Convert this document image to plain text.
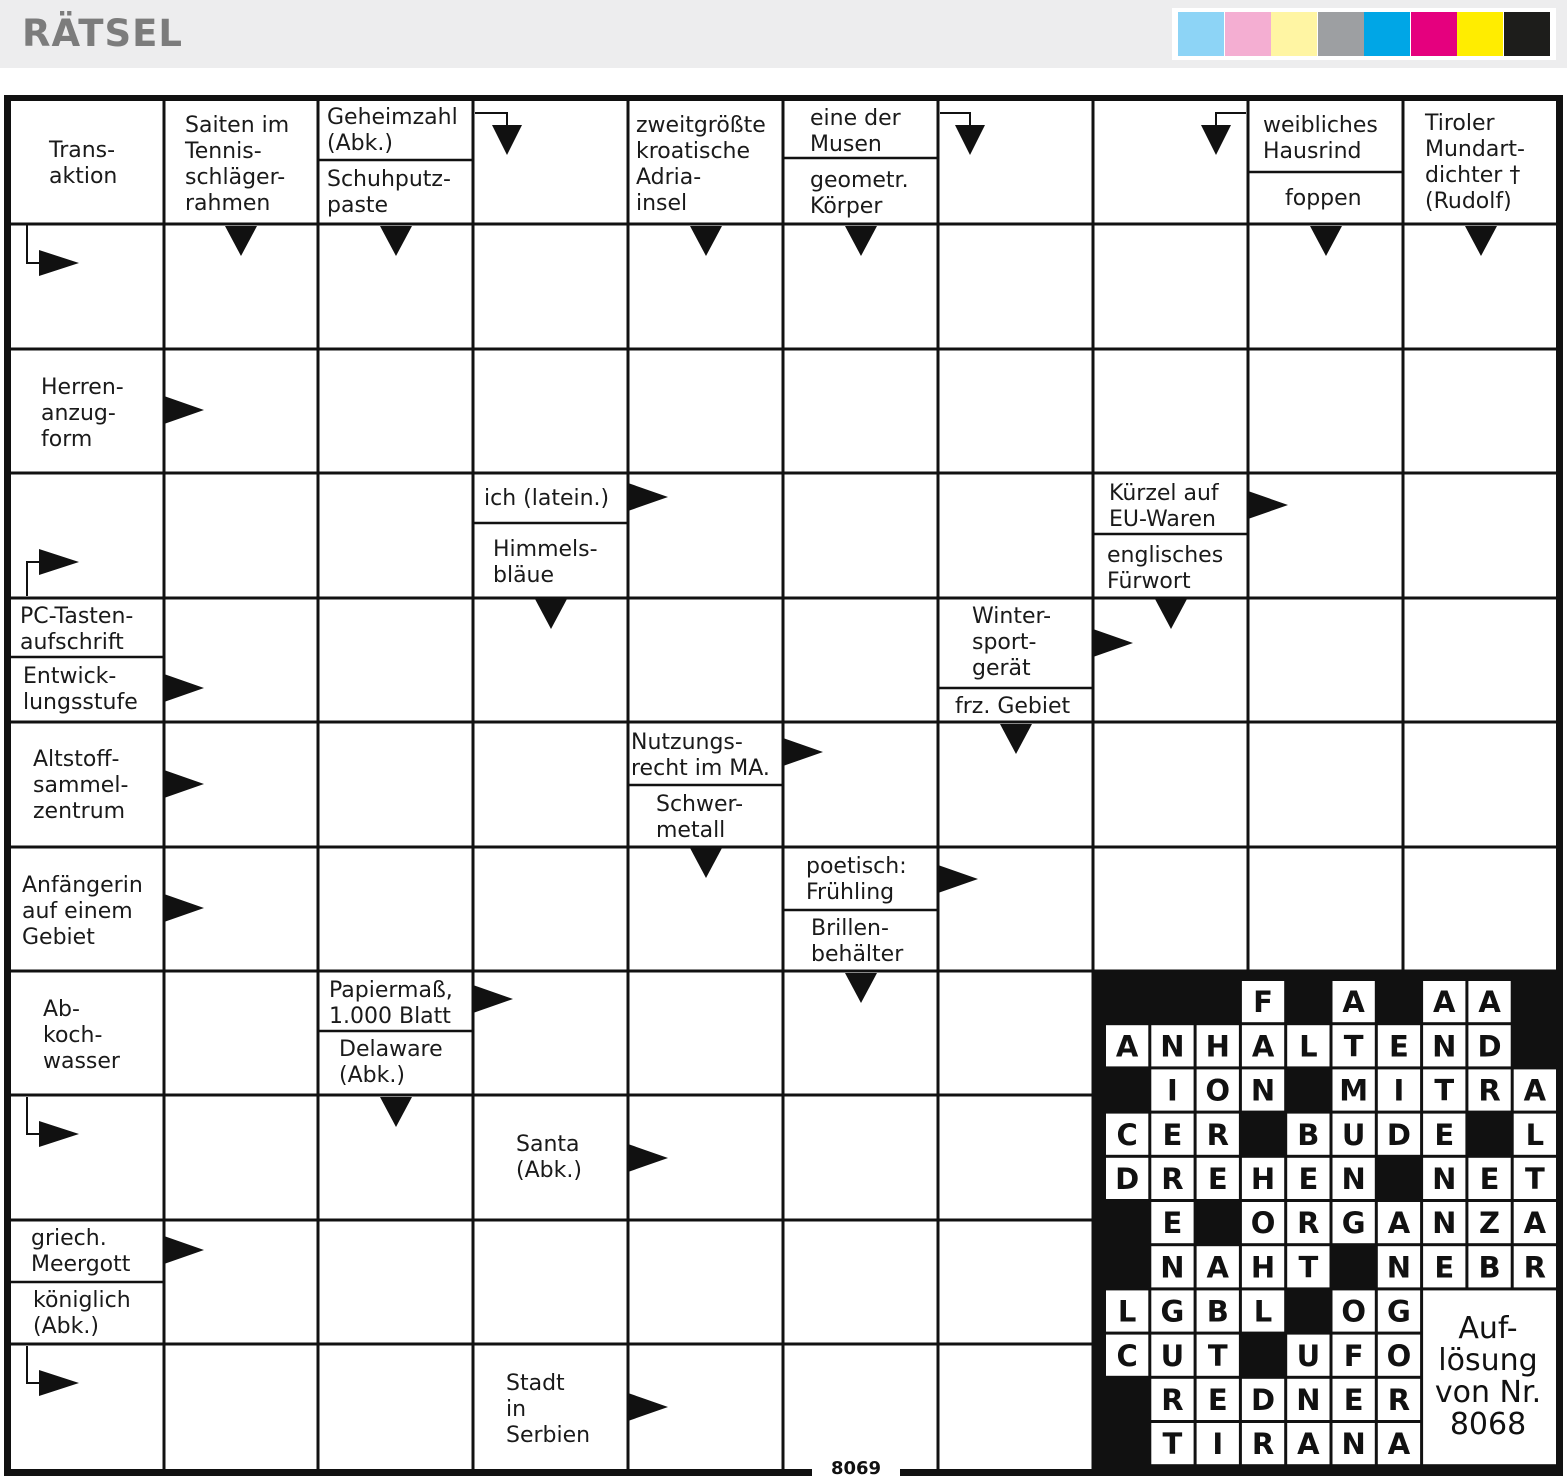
RÄTSEL
F A A A
A N H A L T E N D
I O N M I T R A
C E R B U D E L
D R E H E N N E T
E O R G A N Z A
N A H T N E B R
L G B L O G
C U T U F O
R E D N E R
T I R A N A
Auf-lösung von Nr. 8068
Trans-aktion
Saiten im Tennis-schläger-rahmen
Geheimzahl (Abk.)
Schuhputz-paste
zweitgrößte kroatische Adria-insel
eine der Musen
geometr. Körper
weibliches Hausrind
foppen
Tiroler Mundart-dichter † (Rudolf)
Herren-anzug-form
ich (latein.)
Himmels-bläue
Kürzel auf EU-Waren
englisches Fürwort
PC-Tasten-aufschrift
Entwick-lungsstufe
Winter-sport-gerät
frz. Gebiet
Altstoff-sammel-zentrum
Nutzungs-recht im MA.
Schwer-metall
Anfängerin auf einem Gebiet
poetisch: Frühling
Brillen-behälter
Ab-koch-wasser
Papiermaß, 1.000 Blatt
Delaware (Abk.)
Santa (Abk.)
griech. Meergott
königlich (Abk.)
Stadt in Serbien
8069
